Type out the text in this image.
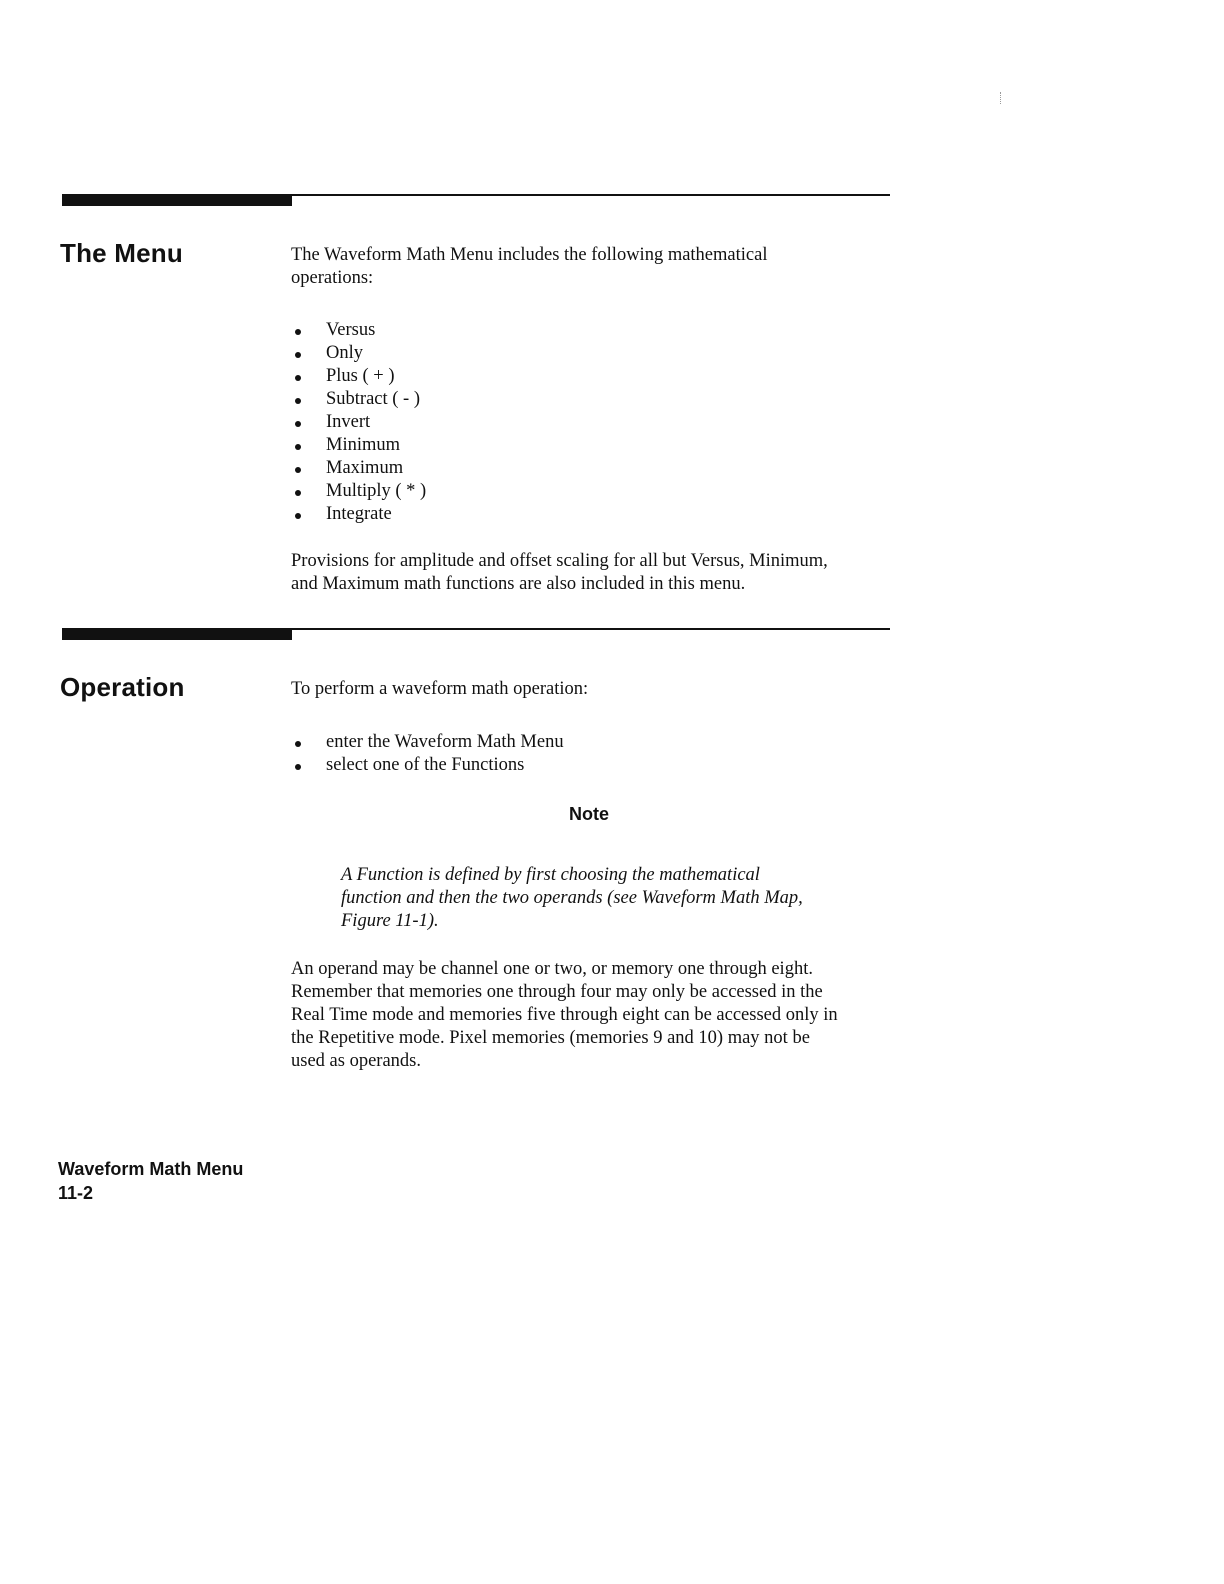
The Menu	The Waveform Math Menu includes the following mathematical
operations:

Versus
Only
Plus ( + )
Subtract ( - )
Invert
Minimum
Maximum
Multiply ( * )
Integrate

Provisions for amplitude and offset scaling for all but Versus, Minimum,
and Maximum math functions are also included in this menu.

Operation	To perform a waveform math operation:

enter the Waveform Math Menu
select one of the Functions
Note

A Function is defined by first choosing the mathematical
function and then the two operands (see Waveform Math Map,
Figure 11-1).

An operand may be channel one or two, or memory one through eight.
Remember that memories one through four may only be accessed in the
Real Time mode and memories five through eight can be accessed only in
the Repetitive mode. Pixel memories (memories 9 and 10) may not be
used as operands.

Waveform Math Menu
11-2
